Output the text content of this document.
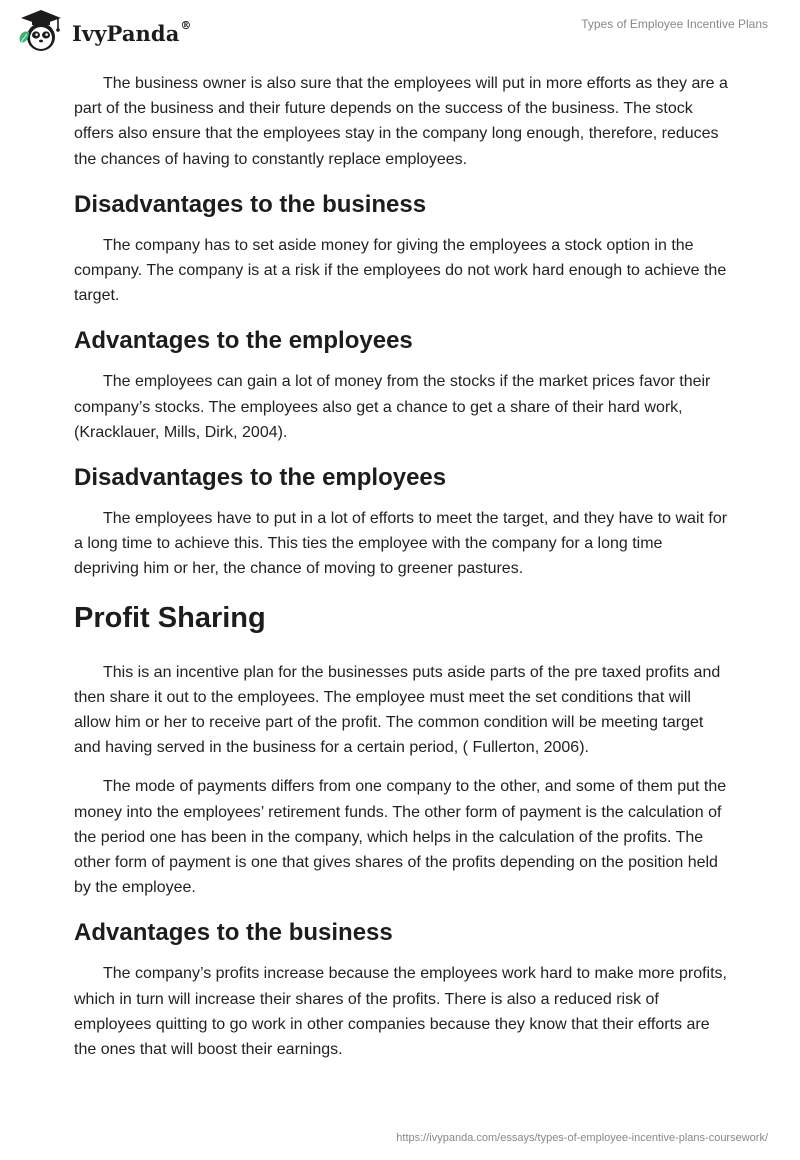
IvyPanda®	Types of Employee Incentive Plans

The business owner is also sure that the employees will put in more efforts as they are a part of the business and their future depends on the success of the business. The stock offers also ensure that the employees stay in the company long enough, therefore, reduces the chances of having to constantly replace employees.

Disadvantages to the business

The company has to set aside money for giving the employees a stock option in the company. The company is at a risk if the employees do not work hard enough to achieve the target.

Advantages to the employees

The employees can gain a lot of money from the stocks if the market prices favor their company’s stocks. The employees also get a chance to get a share of their hard work, (Kracklauer, Mills, Dirk, 2004).

Disadvantages to the employees

The employees have to put in a lot of efforts to meet the target, and they have to wait for a long time to achieve this. This ties the employee with the company for a long time depriving him or her, the chance of moving to greener pastures.

Profit Sharing

This is an incentive plan for the businesses puts aside parts of the pre taxed profits and then share it out to the employees. The employee must meet the set conditions that will allow him or her to receive part of the profit. The common condition will be meeting target and having served in the business for a certain period, ( Fullerton, 2006).

The mode of payments differs from one company to the other, and some of them put the money into the employees’ retirement funds. The other form of payment is the calculation of the period one has been in the company, which helps in the calculation of the profits. The other form of payment is one that gives shares of the profits depending on the position held by the employee.

Advantages to the business

The company’s profits increase because the employees work hard to make more profits, which in turn will increase their shares of the profits. There is also a reduced risk of employees quitting to go work in other companies because they know that their efforts are the ones that will boost their earnings.

https://ivypanda.com/essays/types-of-employee-incentive-plans-coursework/
